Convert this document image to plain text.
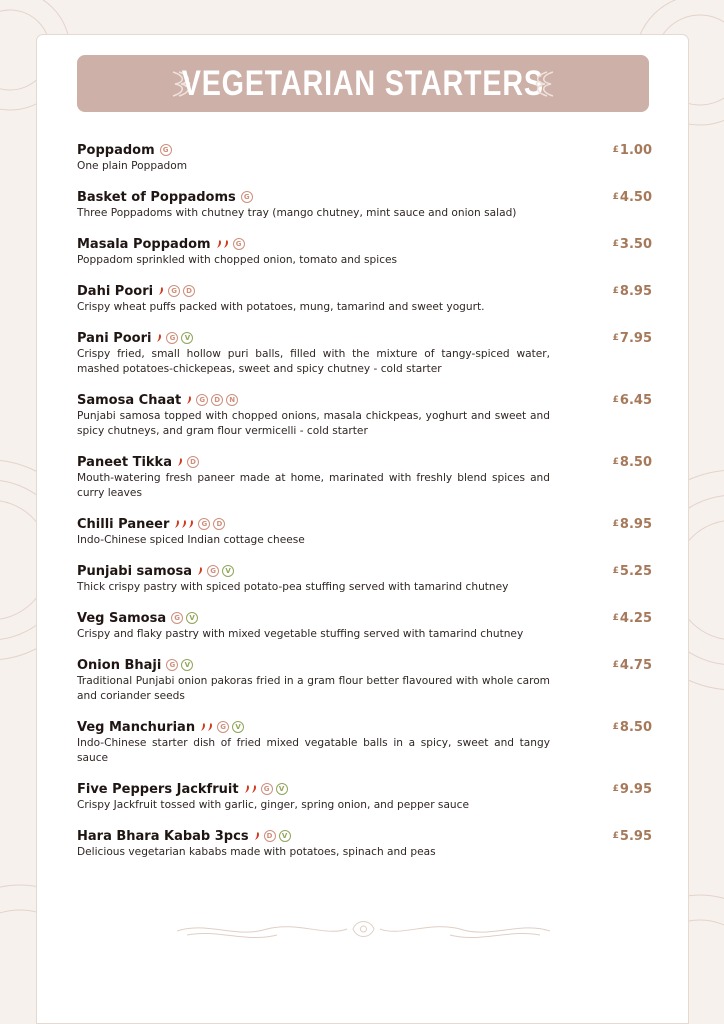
VEGETARIAN STARTERS
Poppadom	G
One plain Poppadom
£ 1.00
Basket of Poppadoms	G
Three Poppadoms with chutney tray (mango chutney, mint sauce and onion salad)
£ 4.50
Masala Poppadom	G
Poppadom sprinkled with chopped onion, tomato and spices
£ 3.50
Dahi Poori	G	D
Crispy wheat puffs packed with potatoes, mung, tamarind and sweet yogurt.
£ 8.95
Pani Poori	G	V
Crispy fried, small hollow puri balls, filled with the mixture of tangy-spiced water, mashed potatoes-chickepeas, sweet and spicy chutney - cold starter
£ 7.95
Samosa Chaat	G	D	N
Punjabi samosa topped with chopped onions, masala chickpeas, yoghurt and sweet and spicy chutneys, and gram flour vermicelli - cold starter
£ 6.45
Paneet Tikka	D
Mouth-watering fresh paneer made at home, marinated with freshly blend spices and curry leaves
£ 8.50
Chilli Paneer	G	D
Indo-Chinese spiced Indian cottage cheese
£ 8.95
Punjabi samosa	G	V
Thick crispy pastry with spiced potato-pea stuffing served with tamarind chutney
£ 5.25
Veg Samosa	G	V
Crispy and flaky pastry with mixed vegetable stuffing served with tamarind chutney
£ 4.25
Onion Bhaji	G	V
Traditional Punjabi onion pakoras fried in a gram flour better flavoured with whole carom and coriander seeds
£ 4.75
Veg Manchurian	G	V
Indo-Chinese starter dish of fried mixed vegatable balls in a spicy, sweet and tangy sauce
£ 8.50
Five Peppers Jackfruit	G	V
Crispy Jackfruit tossed with garlic, ginger, spring onion, and pepper sauce
£ 9.95
Hara Bhara Kabab 3pcs	D	V
Delicious vegetarian kababs made with potatoes, spinach and peas
£ 5.95
